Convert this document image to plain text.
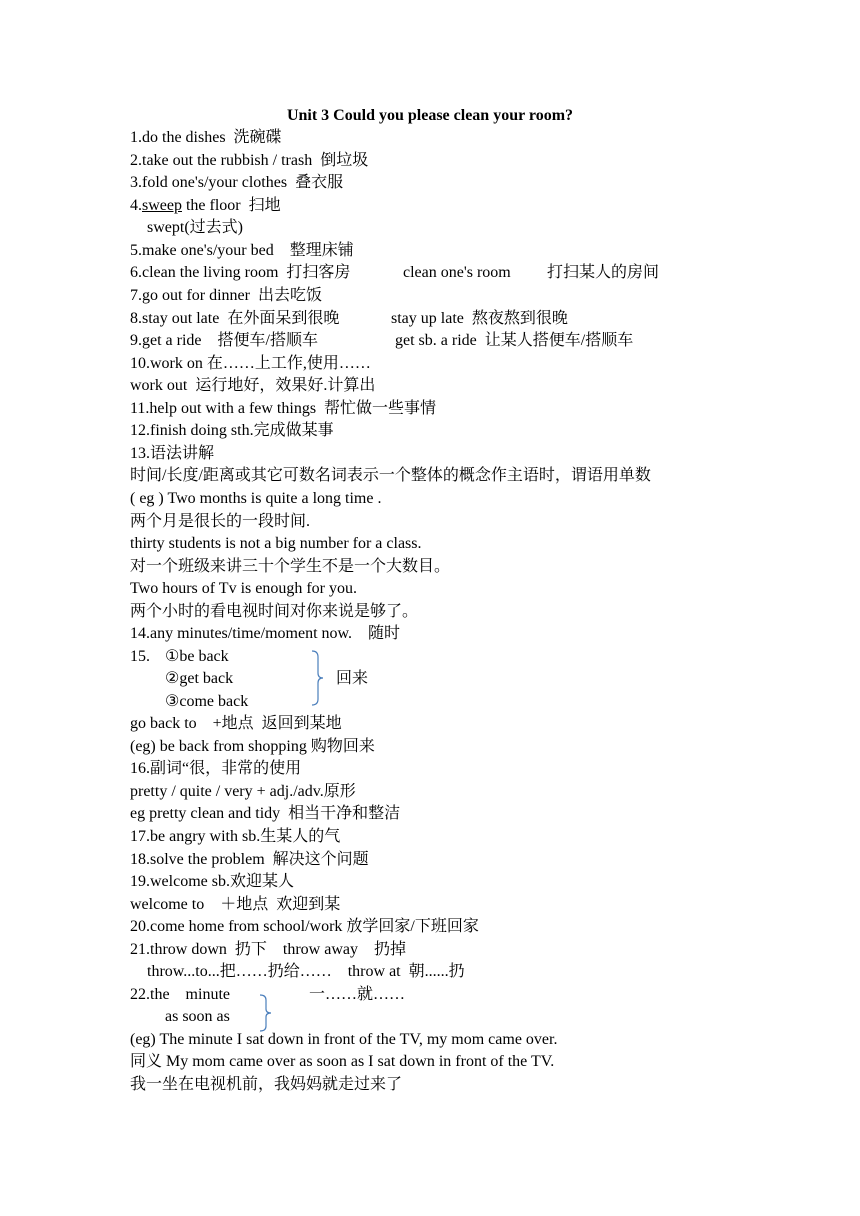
Unit 3 Could you please clean your room?
1.do the dishes  洗碗碟
2.take out the rubbish / trash  倒垃圾
3.fold one's/your clothes  叠衣服
4.sweep the floor  扫地
swept(过去式)
5.make one's/your bed    整理床铺
6.clean the living room  打扫客房	clean one's room 打扫某人的房间
7.go out for dinner  出去吃饭
8.stay out late  在外面呆到很晚	stay up late  熬夜熬到很晚
9.get a ride    搭便车/搭顺车	get sb. a ride  让某人搭便车/搭顺车
10.work on 在……上工作,使用……
work out  运行地好，效果好.计算出
11.help out with a few things  帮忙做一些事情
12.finish doing sth.完成做某事
13.语法讲解
时间/长度/距离或其它可数名词表示一个整体的概念作主语时，谓语用单数
( eg ) Two months is quite a long time .
两个月是很长的一段时间.
thirty students is not a big number for a class.
对一个班级来讲三十个学生不是一个大数目。
Two hours of Tv is enough for you.
两个小时的看电视时间对你来说是够了。
14.any minutes/time/moment now.    随时
15. ①be back
②get back
③come back
回来
go back to    +地点  返回到某地
(eg) be back from shopping 购物回来
16.副词“很，非常的使用
pretty / quite / very + adj./adv.原形
eg pretty clean and tidy  相当干净和整洁
17.be angry with sb.生某人的气
18.solve the problem  解决这个问题
19.welcome sb.欢迎某人
welcome to    ＋地点  欢迎到某
20.come home from school/work 放学回家/下班回家
21.throw down  扔下    throw away    扔掉
throw...to...把……扔给……    throw at  朝......扔
22.the    minute	一……就……
as soon as
(eg) The minute I sat down in front of the TV, my mom came over.
同义 My mom came over as soon as I sat down in front of the TV.
我一坐在电视机前，我妈妈就走过来了
